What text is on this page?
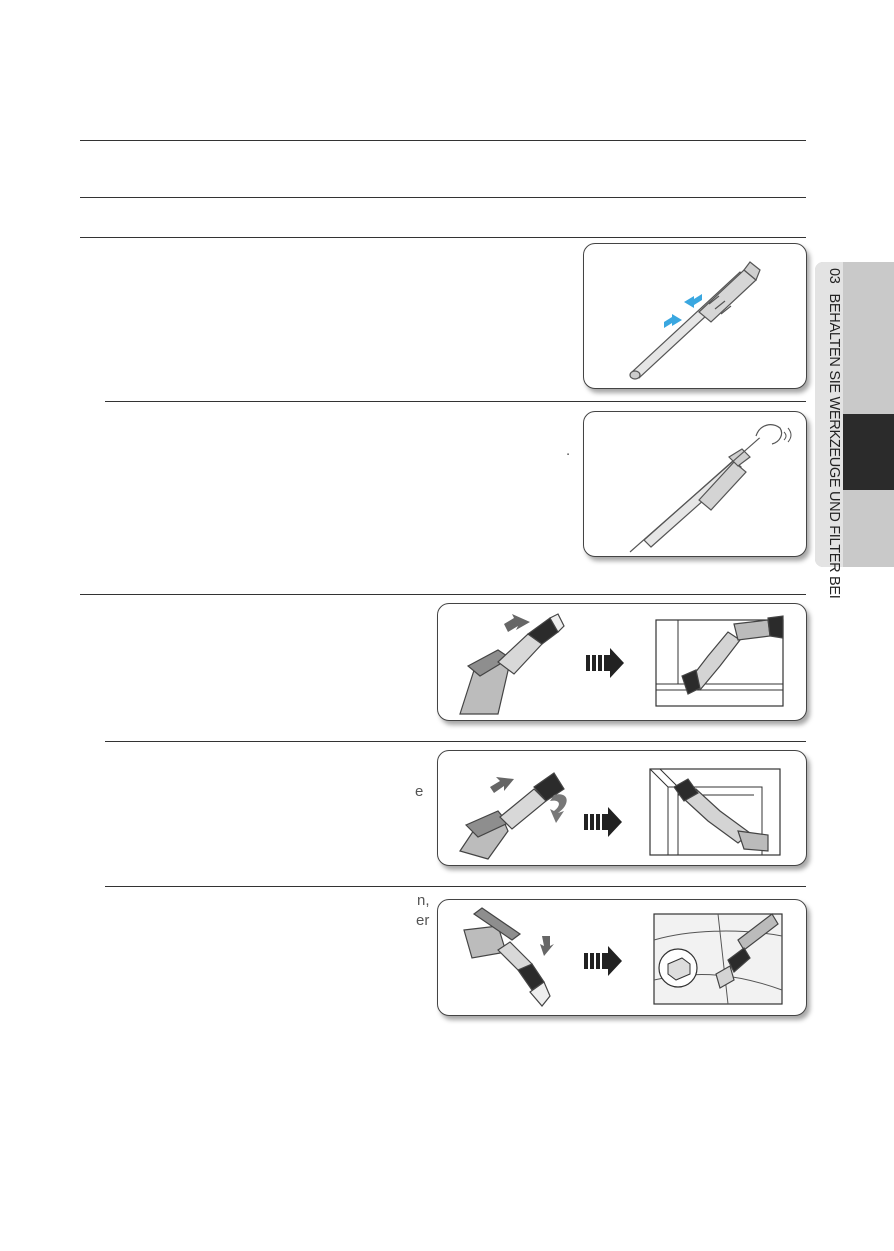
.
e
n,
er
03BEHALTEN SIE WERKZEUGE UND FILTER BEI
